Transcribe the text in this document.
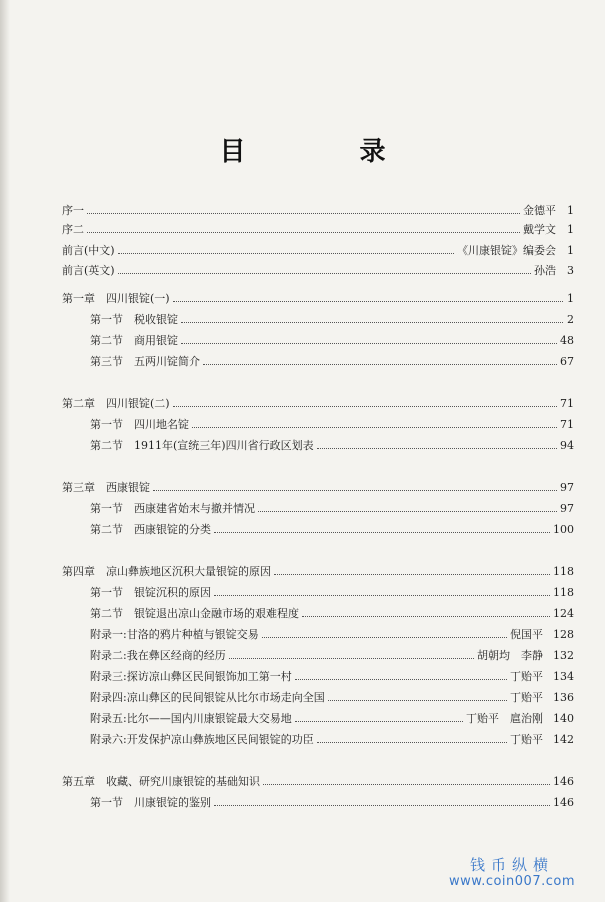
目　录
序一	金德平 1
序二	戴学文 1
前言(中文)	《川康银锭》编委会 1
前言(英文)	孙浩 3
第一章　四川银锭(一)	1
第一节　税收银锭	2
第二节　商用银锭	48
第三节　五两川锭简介	67
第二章　四川银锭(二)	71
第一节　四川地名锭	71
第二节　1911年(宣统三年)四川省行政区划表	94
第三章　西康银锭	97
第一节　西康建省始末与撤并情况	97
第二节　西康银锭的分类	100
第四章　凉山彝族地区沉积大量银锭的原因	118
第一节　银锭沉积的原因	118
第二节　银锭退出凉山金融市场的艰难程度	124
附录一:甘洛的鸦片种植与银锭交易	倪国平 128
附录二:我在彝区经商的经历	胡朝均　李静 132
附录三:探访凉山彝区民间银饰加工第一村	丁贻平 134
附录四:凉山彝区的民间银锭从比尔市场走向全国	丁贻平 136
附录五:比尔——国内川康银锭最大交易地	丁贻平　扈治刚 140
附录六:开发保护凉山彝族地区民间银锭的功臣	丁贻平 142
第五章　收藏、研究川康银锭的基础知识	146
第一节　川康银锭的鉴别	146
钱币纵横
www.coin007.com
